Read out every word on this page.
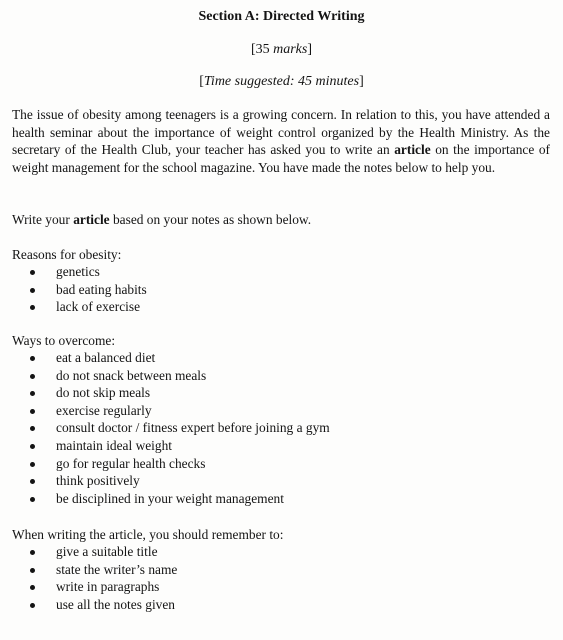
Section A: Directed Writing
[35 marks]
[Time suggested: 45 minutes]
The issue of obesity among teenagers is a growing concern. In relation to this, you have attended a health seminar about the importance of weight control organized by the Health Ministry. As the secretary of the Health Club, your teacher has asked you to write an article on the importance of weight management for the school magazine. You have made the notes below to help you.
Write your article based on your notes as shown below.
Reasons for obesity:
genetics
bad eating habits
lack of exercise
Ways to overcome:
eat a balanced diet
do not snack between meals
do not skip meals
exercise regularly
consult doctor / fitness expert before joining a gym
maintain ideal weight
go for regular health checks
think positively
be disciplined in your weight management
When writing the article, you should remember to:
give a suitable title
state the writer’s name
write in paragraphs
use all the notes given
